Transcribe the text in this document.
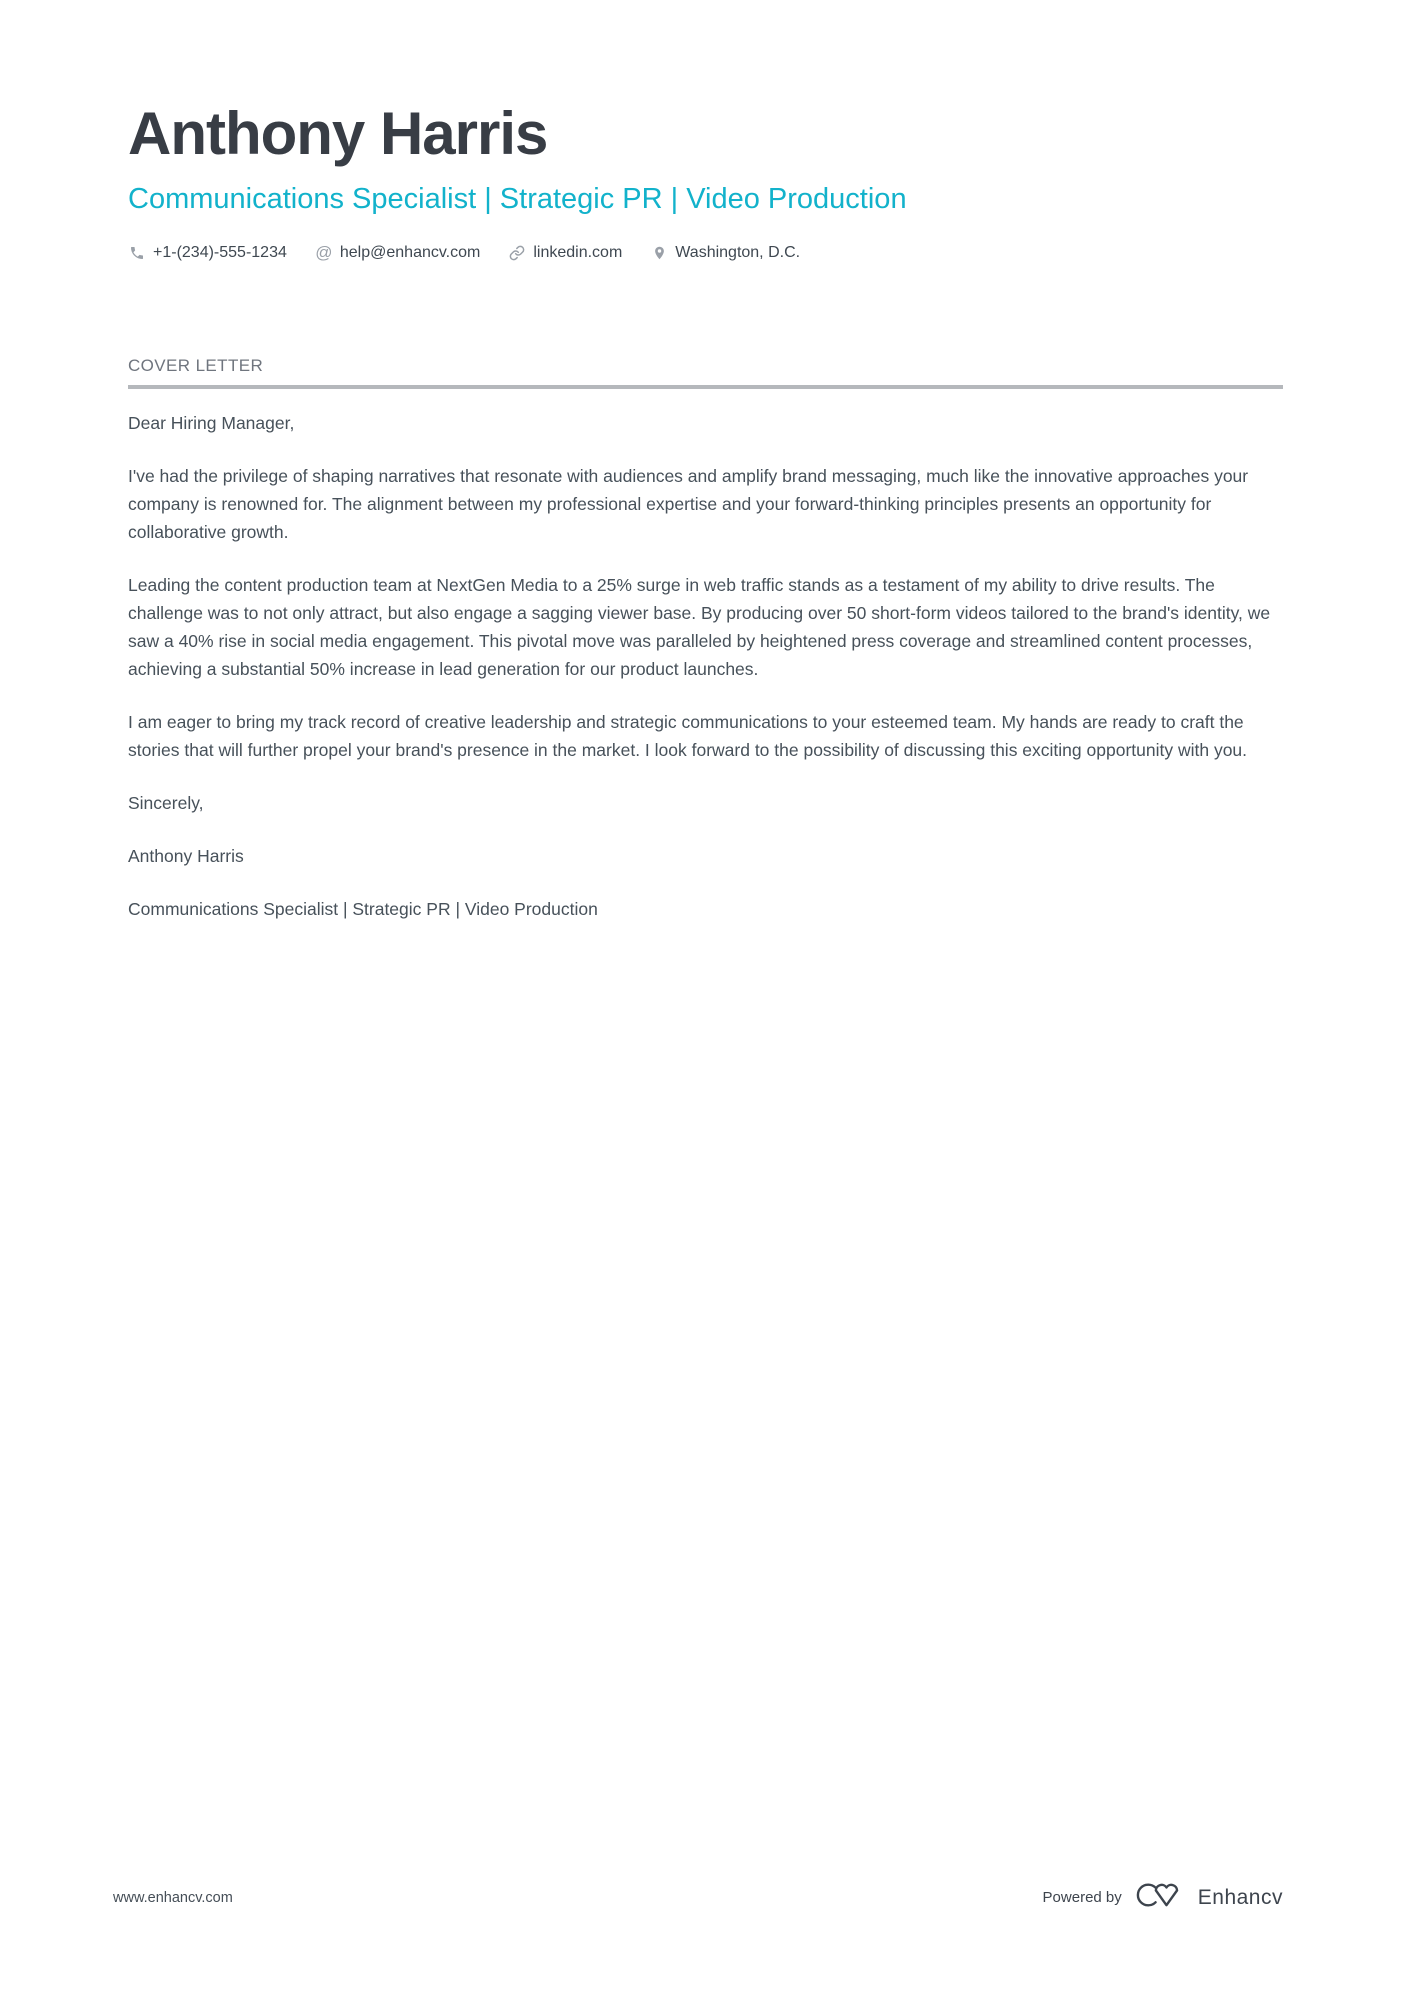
Anthony Harris
Communications Specialist | Strategic PR | Video Production
+1-(234)-555-1234 @ help@enhancv.com	linkedin.com	Washington, D.C.
COVER LETTER

Dear Hiring Manager,

I've had the privilege of shaping narratives that resonate with audiences and amplify brand messaging, much like the innovative approaches your company is renowned for. The alignment between my professional expertise and your forward-thinking principles presents an opportunity for collaborative growth.

Leading the content production team at NextGen Media to a 25% surge in web traffic stands as a testament of my ability to drive results. The challenge was to not only attract, but also engage a sagging viewer base. By producing over 50 short-form videos tailored to the brand's identity, we saw a 40% rise in social media engagement. This pivotal move was paralleled by heightened press coverage and streamlined content processes, achieving a substantial 50% increase in lead generation for our product launches.

I am eager to bring my track record of creative leadership and strategic communications to your esteemed team. My hands are ready to craft the stories that will further propel your brand's presence in the market. I look forward to the possibility of discussing this exciting opportunity with you.

Sincerely,

Anthony Harris

Communications Specialist | Strategic PR | Video Production

www.enhancv.com	Powered by	Enhancv
